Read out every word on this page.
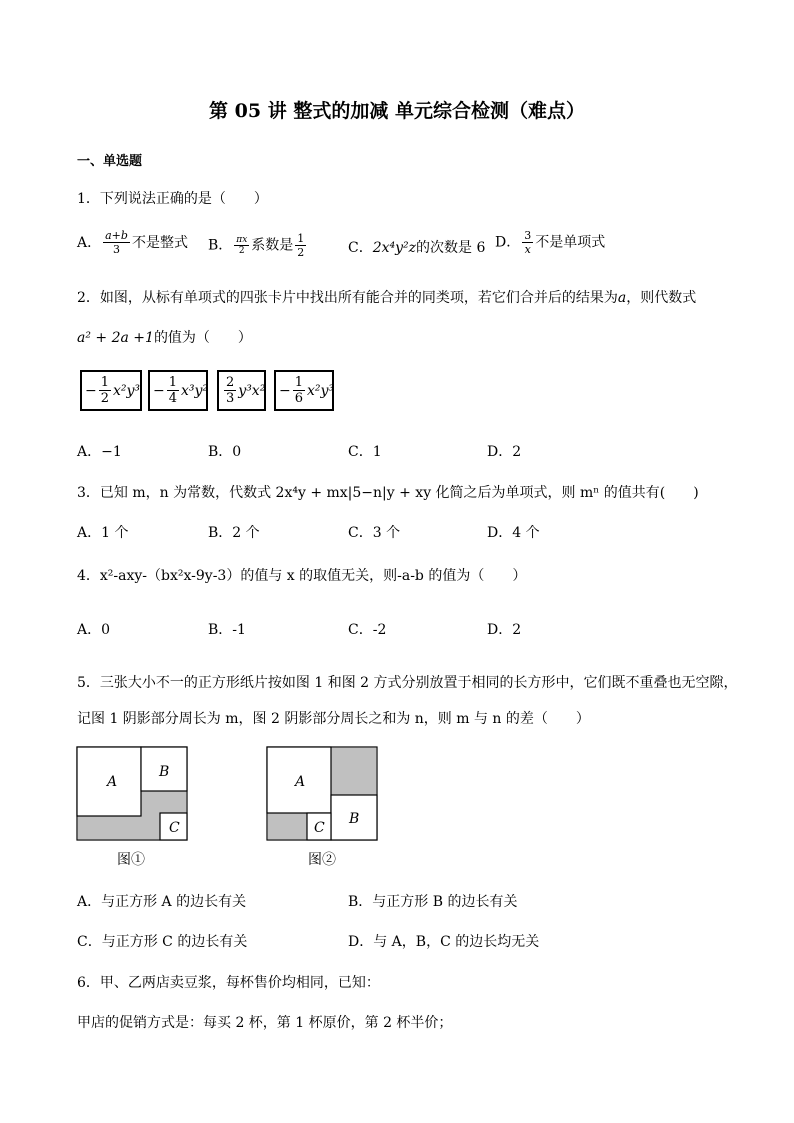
第 05 讲 整式的加减 单元综合检测（难点）
一、单选题
1．下列说法正确的是（　　）
A． $\frac{a+b}{3}$ 不是整式 B． $\frac{\pi x}{2}$ 系数是 $\frac{1}{2}$	C．2x⁴y²z的次数是 6 D． $\frac{3}{x}$ 不是单项式
2．如图，从标有单项式的四张卡片中找出所有能合并的同类项，若它们合并后的结果为a，则代数式
a² + 2a +1的值为（　　）
− $\frac{1}{2} x^2y^3 - \frac{1}{4} x^3y^2 \frac{2}{3} y^3x^2 - \frac{1}{6} x^2y^3$
A．−1	B．0	C．1	D．2
3．已知 m，n 为常数，代数式 2x⁴y + mx|5−n|y + xy 化简之后为单项式，则 mⁿ 的值共有(　　)
A．1 个	B．2 个	C．3 个	D．4 个
4．x²-axy-（bx²x-9y-3）的值与 x 的取值无关，则-a-b 的值为（　　）
A．0	B．-1	C．-2	D．2
5．三张大小不一的正方形纸片按如图 1 和图 2 方式分别放置于相同的长方形中，它们既不重叠也无空隙，
记图 1 阴影部分周长为 m，图 2 阴影部分周长之和为 n，则 m 与 n 的差（　　）
A
B
C
图①
A
B
C
图②
A．与正方形 A 的边长有关	B．与正方形 B 的边长有关
C．与正方形 C 的边长有关	D．与 A，B，C 的边长均无关
6．甲、乙两店卖豆浆，每杯售价均相同，已知：
甲店的促销方式是：每买 2 杯，第 1 杯原价，第 2 杯半价；
